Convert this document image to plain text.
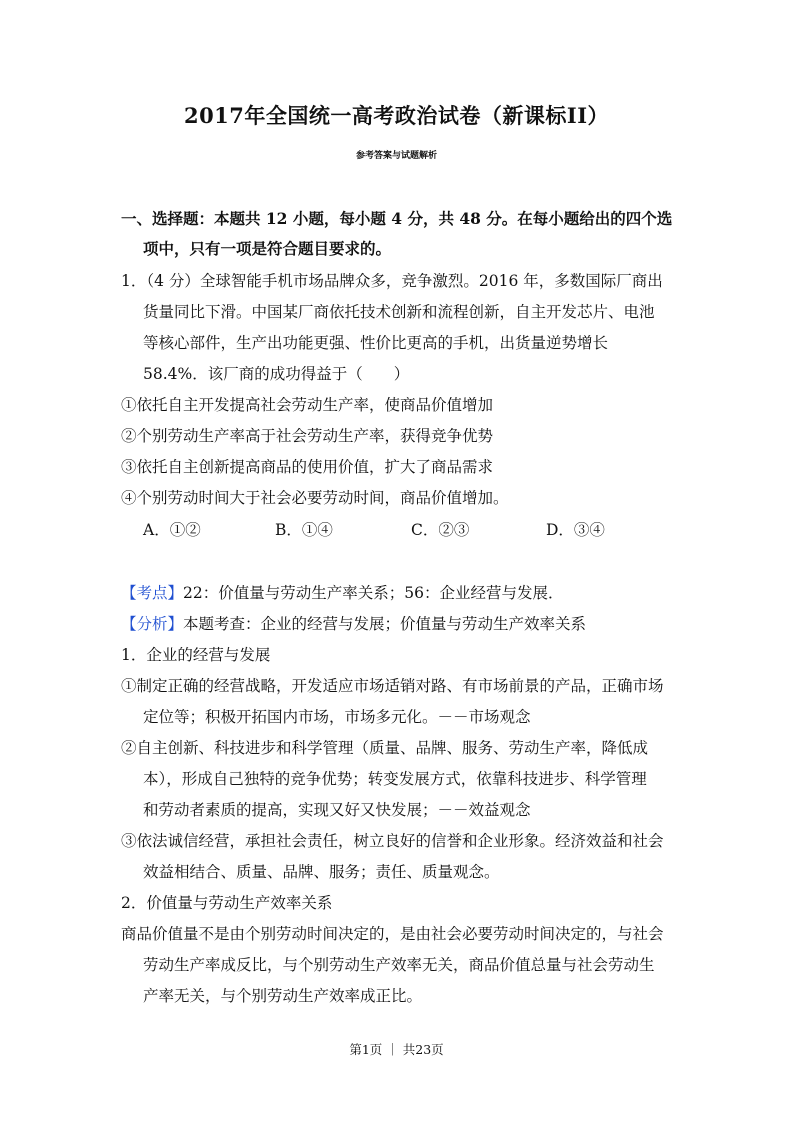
2017年全国统一高考政治试卷（新课标II）
参考答案与试题解析
一、选择题：本题共 12 小题，每小题 4 分，共 48 分。在每小题给出的四个选
项中，只有一项是符合题目要求的。
1．（4 分）全球智能手机市场品牌众多，竞争激烈。2016 年，多数国际厂商出
货量同比下滑。中国某厂商依托技术创新和流程创新，自主开发芯片、电池
等核心部件，生产出功能更强、性价比更高的手机，出货量逆势增长
58.4%．该厂商的成功得益于（　　）
①依托自主开发提高社会劳动生产率，使商品价值增加
②个别劳动生产率高于社会劳动生产率，获得竞争优势
③依托自主创新提高商品的使用价值，扩大了商品需求
④个别劳动时间大于社会必要劳动时间，商品价值增加。
A．①②	B．①④	C．②③	D．③④
【考点】22：价值量与劳动生产率关系；56：企业经营与发展．
【分析】本题考查：企业的经营与发展；价值量与劳动生产效率关系
1．企业的经营与发展
①制定正确的经营战略，开发适应市场适销对路、有市场前景的产品，正确市场
定位等；积极开拓国内市场，市场多元化。－－市场观念
②自主创新、科技进步和科学管理（质量、品牌、服务、劳动生产率，降低成
本），形成自己独特的竞争优势；转变发展方式，依靠科技进步、科学管理
和劳动者素质的提高，实现又好又快发展；－－效益观念
③依法诚信经营，承担社会责任，树立良好的信誉和企业形象。经济效益和社会
效益相结合、质量、品牌、服务；责任、质量观念。
2．价值量与劳动生产效率关系
商品价值量不是由个别劳动时间决定的，是由社会必要劳动时间决定的，与社会
劳动生产率成反比，与个别劳动生产效率无关，商品价值总量与社会劳动生
产率无关，与个别劳动生产效率成正比。
第1页 ｜ 共23页
